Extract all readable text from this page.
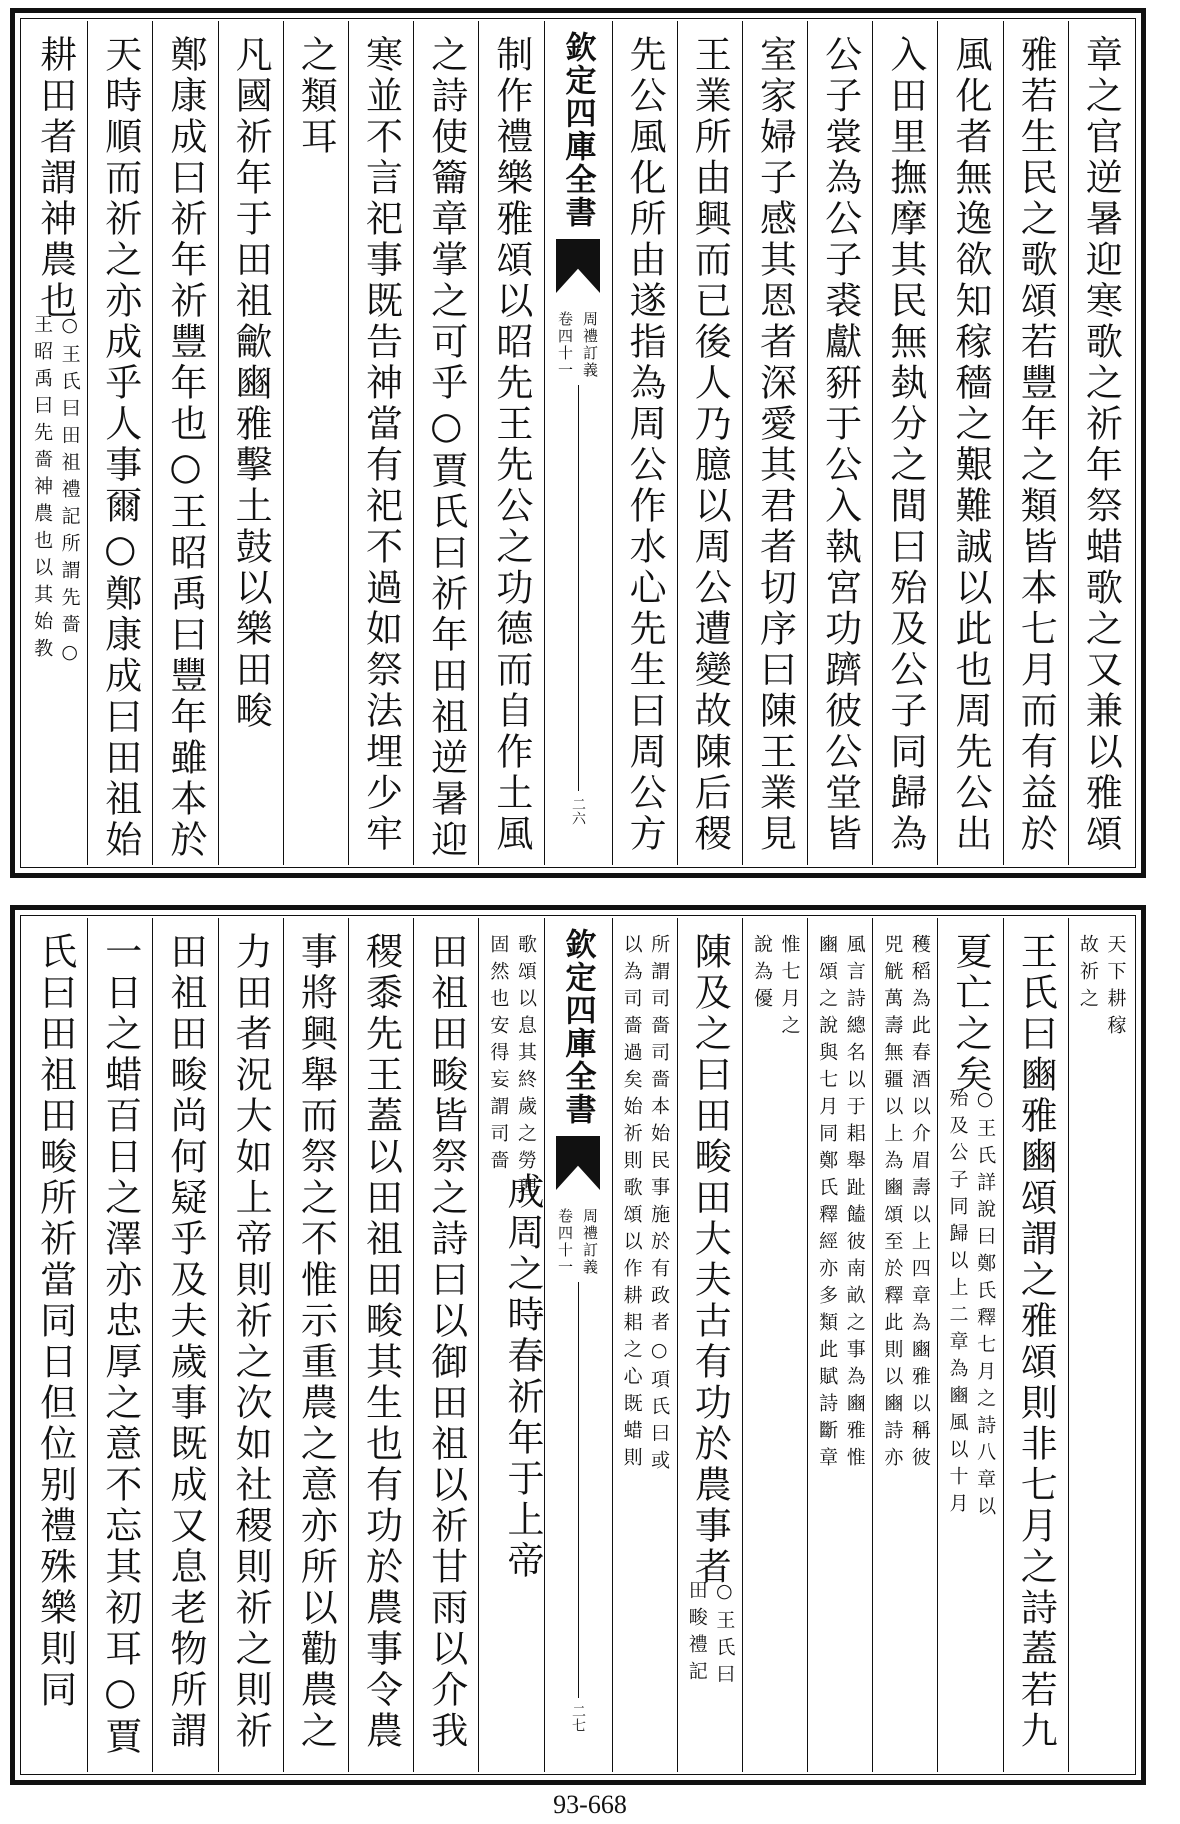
章之官逆暑迎寒歌之祈年祭蜡歌之又兼以雅頌
雅若生民之歌頌若豐年之類皆本七月而有益於
風化者無逸欲知稼穡之艱難誠以此也周先公出
入田里撫摩其民無埶分之間曰殆及公子同歸為
公子裳為公子裘獻豣于公入執宮功躋彼公堂皆
室家婦子感其恩者深愛其君者切序曰陳王業見
王業所由興而已後人乃臆以周公遭變故陳后稷
先公風化所由遂指為周公作水心先生曰周公方
欽定四庫全書
周禮訂義
卷四十一
二六
制作禮樂雅頌以昭先王先公之功德而自作土風
之詩使籥章掌之可乎○賈氏曰祈年田祖逆暑迎
寒並不言祀事既告神當有祀不過如祭法埋少牢
之類耳
凡國祈年于田祖龡豳雅擊土鼓以樂田畯
鄭康成曰祈年祈豐年也○王昭禹曰豐年雖本於
天時順而祈之亦成乎人事爾○鄭康成曰田祖始
耕田者謂神農也
○王氏曰田祖禮記所謂先嗇○
王昭禹曰先嗇神農也以其始教
天下耕稼
故祈之
王氏曰豳雅豳頌謂之雅頌則非七月之詩蓋若九
夏亡之矣
○王氏詳說曰鄭氏釋七月之詩八章以
殆及公子同歸以上二章為豳風以十月
穫稻為此春酒以介眉壽以上四章為豳雅以稱彼
兕觥萬壽無疆以上為豳頌至於釋此則以豳詩亦
風言詩總名以于耜舉趾饁彼南畝之事為豳雅惟
豳頌之說與七月同鄭氏釋經亦多類此賦詩斷章
惟七月之
說為優
陳及之曰田畯田大夫古有功於農事者
○王氏曰
田畯禮記
所謂司嗇司嗇本始民事施於有政者○項氏曰或
以為司嗇過矣始祈則歌頌以作耕耜之心既蜡則
欽定四庫全書
周禮訂義
卷四十一
二七
歌頌以息其終歲之勞理
固然也安得妄謂司嗇
田祖田畯皆祭之詩曰以御田祖以祈甘雨以介我
稷黍先王蓋以田祖田畯其生也有功於農事令農
事將興舉而祭之不惟示重農之意亦所以勸農之
力田者況大如上帝則祈之次如社稷則祈之則祈
田祖田畯尚何疑乎及夫歲事既成又息老物所謂
一日之蜡百日之澤亦忠厚之意不忘其初耳○賈
氏曰田祖田畯所祈當同日但位别禮殊樂則同	成周之時春祈年于上帝
93-668
